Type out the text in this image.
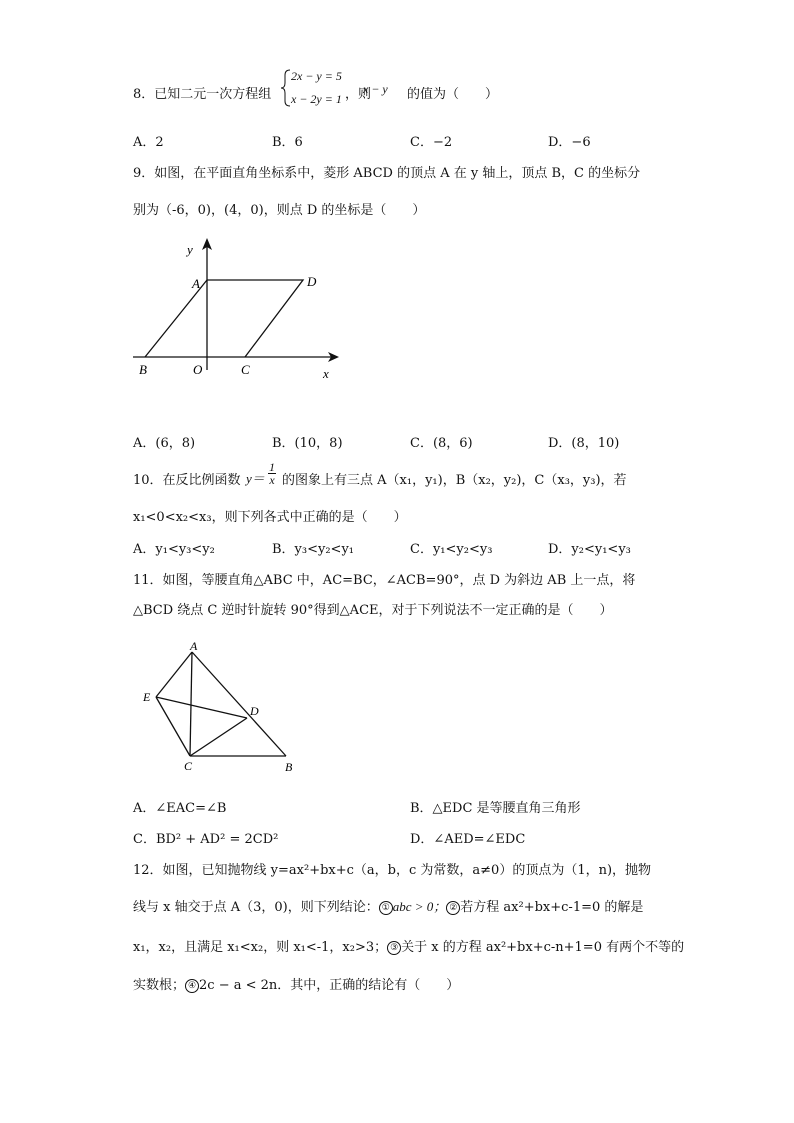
8．已知二元一次方程组
2x − y = 5
x − 2y = 1 ，则
x − y 的值为（　　）
A．2	B．6	C．−2	D．−6
9．如图，在平面直角坐标系中，菱形 ABCD 的顶点 A 在 y 轴上，顶点 B，C 的坐标分
别为（-6，0)，(4，0)，则点 D 的坐标是（　　）
y
A	D
B	O	C	x
A．(6，8)	B．(10，8)	C．(8，6)	D．(8，10)
10．在反比例函数 $y= \frac{1}{x}$ 的图象上有三点 A（x₁，y₁)，B（x₂，y₂)，C（x₃，y₃)，若
x₁<0<x₂<x₃，则下列各式中正确的是（　　）
A．y₁<y₃<y₂	B．y₃<y₂<y₁	C．y₁<y₂<y₃	D．y₂<y₁<y₃
11．如图，等腰直角△ABC 中，AC=BC，∠ACB=90°，点 D 为斜边 AB 上一点，将
△BCD 绕点 C 逆时针旋转 90°得到△ACE，对于下列说法不一定正确的是（　　）
A
E
D
C	B
A．∠EAC=∠B	B．△EDC 是等腰直角三角形
C．BD² + AD² = 2CD²	D．∠AED=∠EDC
12．如图，已知抛物线 y=ax²+bx+c（a，b，c 为常数，a≠0）的顶点为（1，n)，抛物
线与 x 轴交于点 A（3，0)，则下列结论： ① abc > 0； ② 若方程 ax²+bx+c-1=0 的解是
x₁，x₂，且满足 x₁<x₂，则 x₁<-1，x₂>3； ③ 关于 x 的方程 ax²+bx+c-n+1=0 有两个不等的
实数根； ④ 2c − a < 2n．其中，正确的结论有（　　）
